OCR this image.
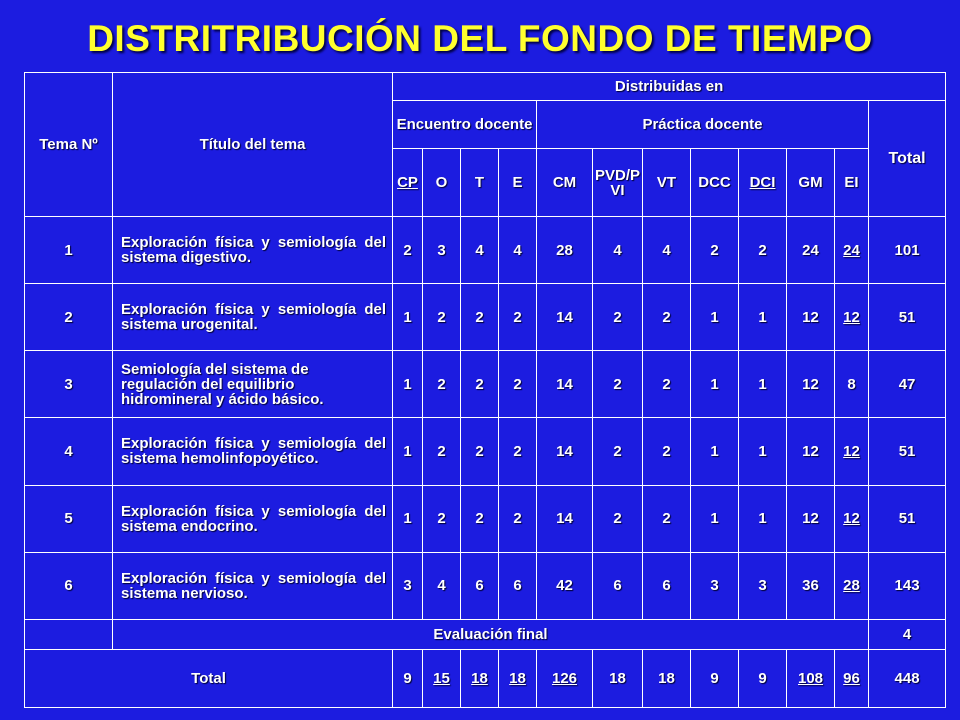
DISTRITRIBUCIÓN DEL FONDO DE TIEMPO
Tema Nº	Título del tema	Distribuidas en											
		Encuentro docente				Práctica docente							Total
		CP	O	T	E	CM	PVD/PVI	VT	DCC	DCI	GM	EI	
1	Exploración física y semiología del sistema digestivo.	2	3	4	4	28	4	4	2	2	24	24	101
2	Exploración física y semiología del sistema urogenital.	1	2	2	2	14	2	2	1	1	12	12	51
3	Semiología del sistema de regulación del equilibrio hidromineral y ácido básico.	1	2	2	2	14	2	2	1	1	12	8	47
4	Exploración física y semiología del sistema hemolinfopoyético.	1	2	2	2	14	2	2	1	1	12	12	51
5	Exploración física y semiología del sistema endocrino.	1	2	2	2	14	2	2	1	1	12	12	51
6	Exploración física y semiología del sistema nervioso.	3	4	6	6	42	6	6	3	3	36	28	143
	Evaluación final												4
Total		9	15	18	18	126	18	18	9	9	108	96	448
